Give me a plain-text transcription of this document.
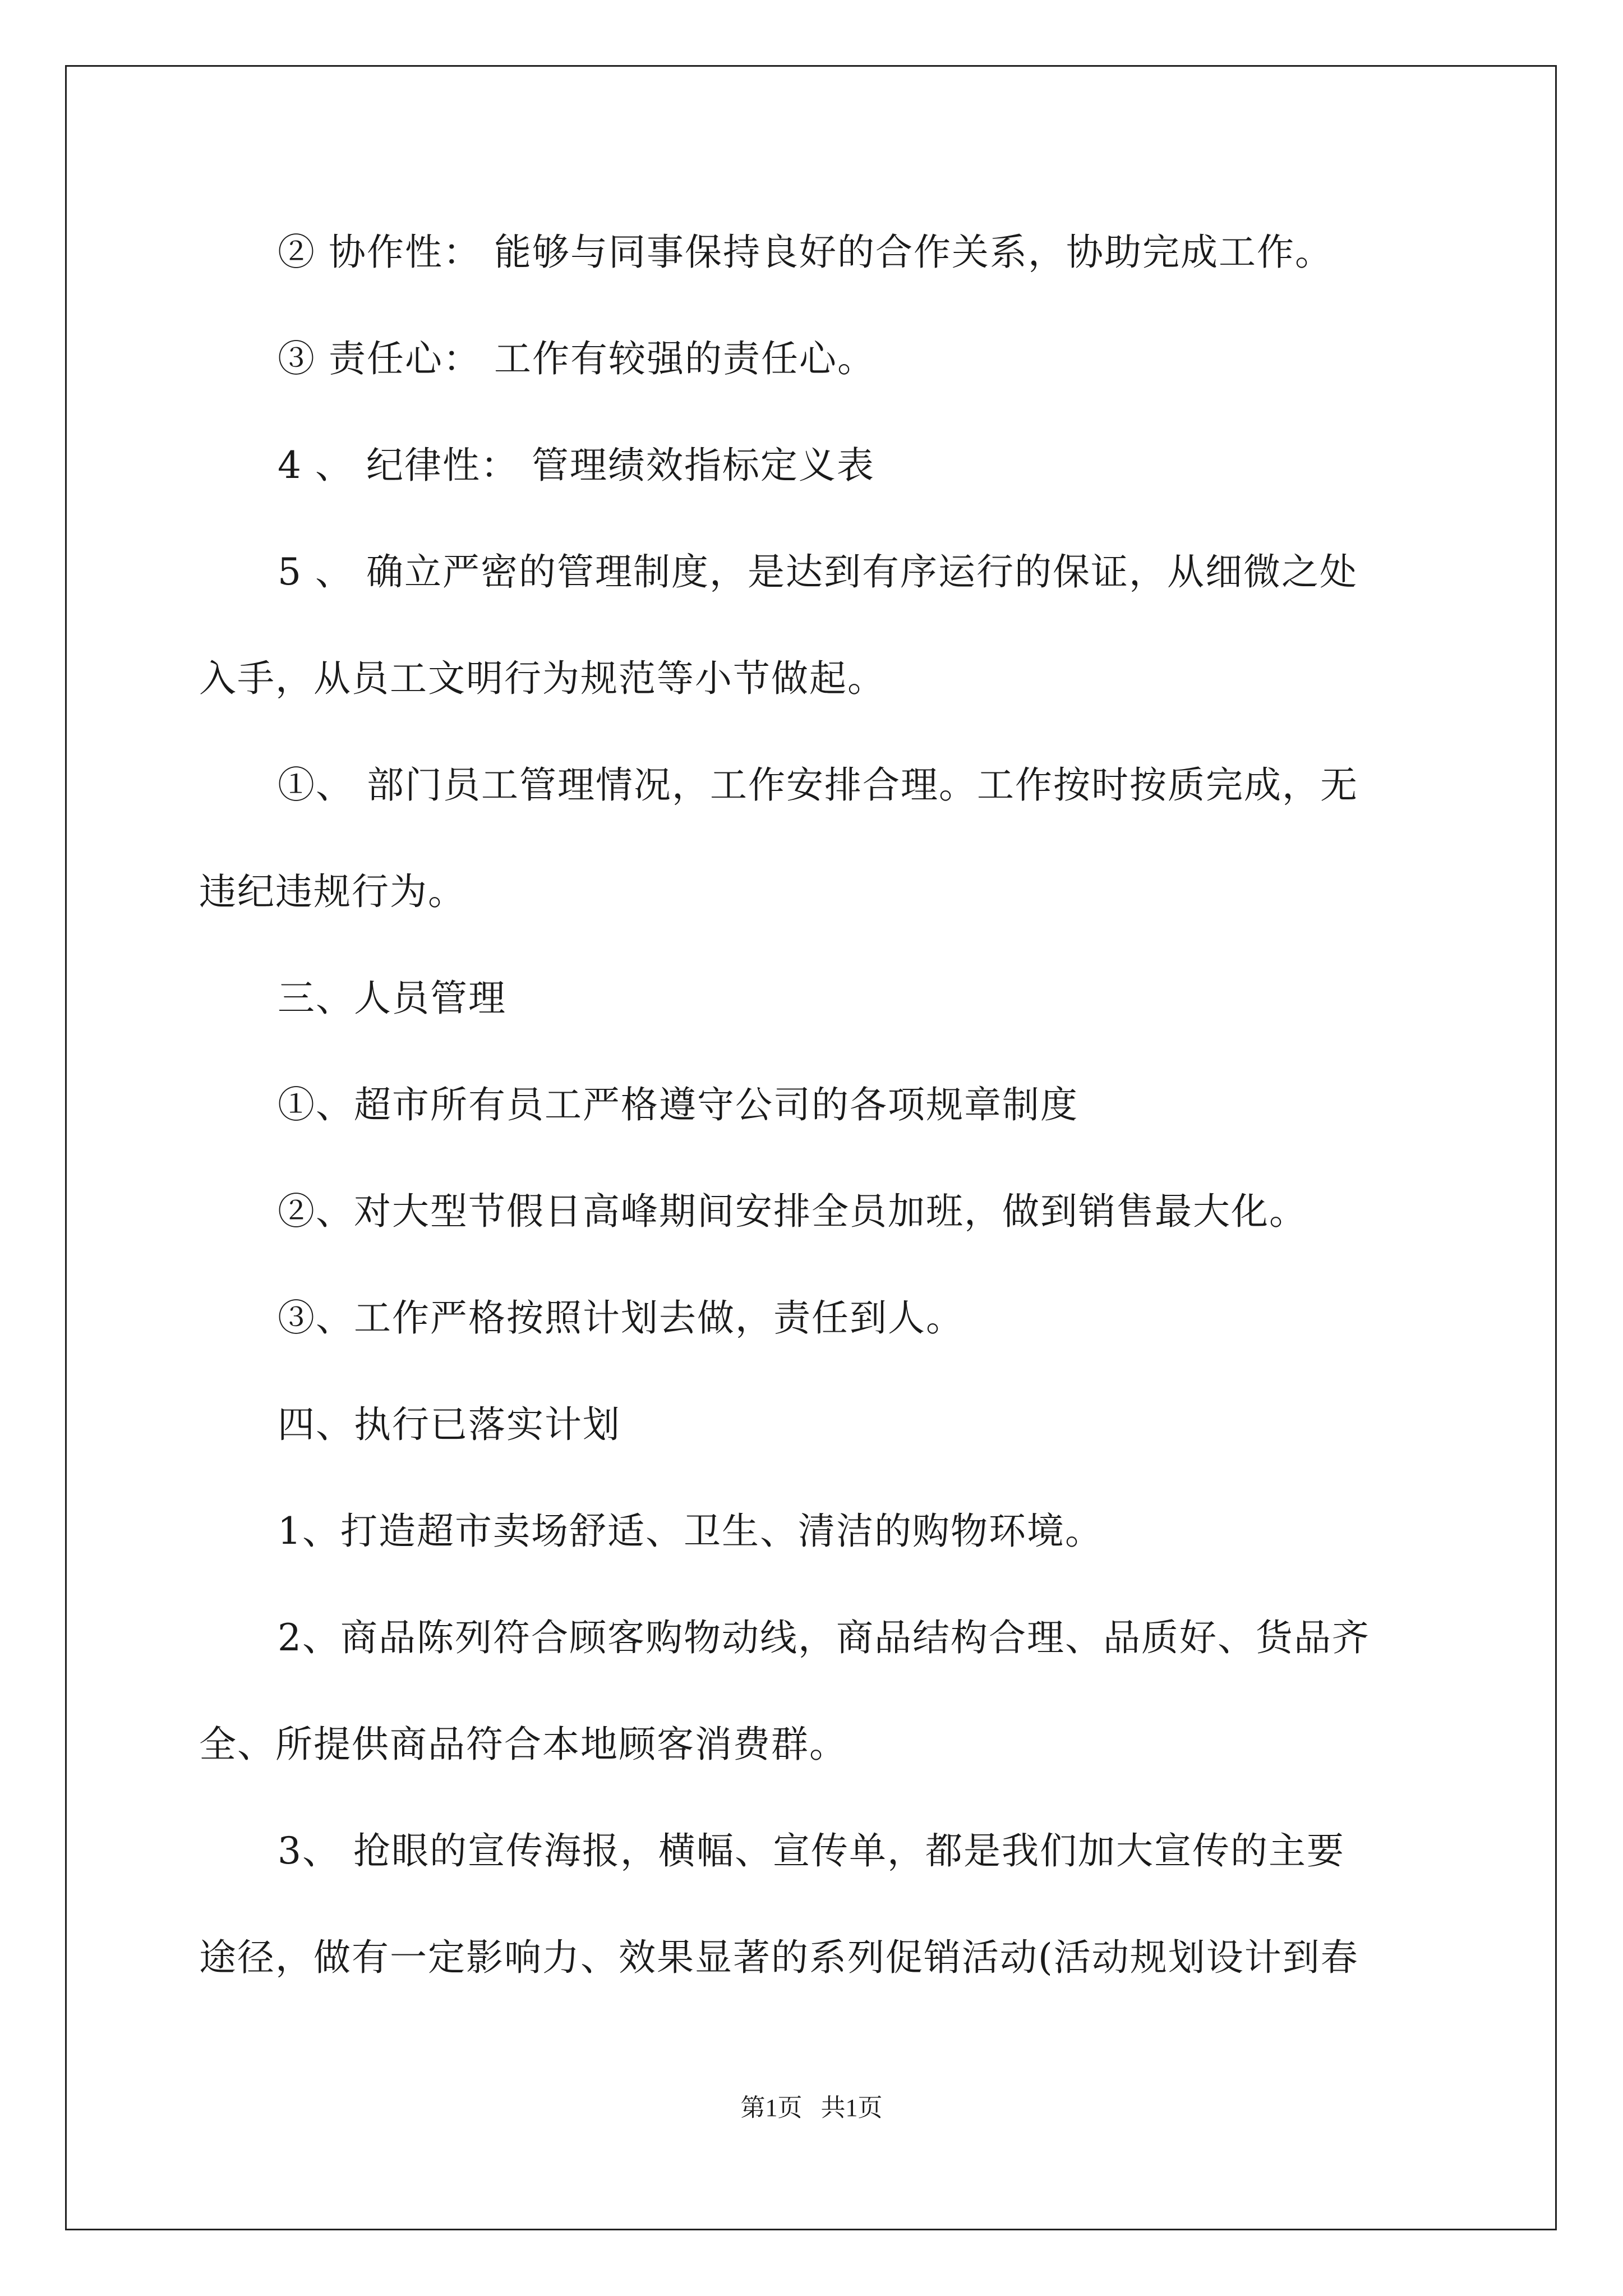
② 协作性： 能够与同事保持良好的合作关系，协助完成工作。
③ 责任心： 工作有较强的责任心。
4 、 纪律性： 管理绩效指标定义表
5 、 确立严密的管理制度，是达到有序运行的保证，从细微之处
入手，从员工文明行为规范等小节做起。
①、 部门员工管理情况，工作安排合理。工作按时按质完成，无
违纪违规行为。
三、人员管理
①、超市所有员工严格遵守公司的各项规章制度
②、对大型节假日高峰期间安排全员加班，做到销售最大化。
③、工作严格按照计划去做，责任到人。
四、执行已落实计划
1、打造超市卖场舒适、卫生、清洁的购物环境。
2、商品陈列符合顾客购物动线，商品结构合理、品质好、货品齐
全、所提供商品符合本地顾客消费群。
3、 抢眼的宣传海报，横幅、宣传单，都是我们加大宣传的主要
途径，做有一定影响力、效果显著的系列促销活动(活动规划设计到春
第1页   共1页
